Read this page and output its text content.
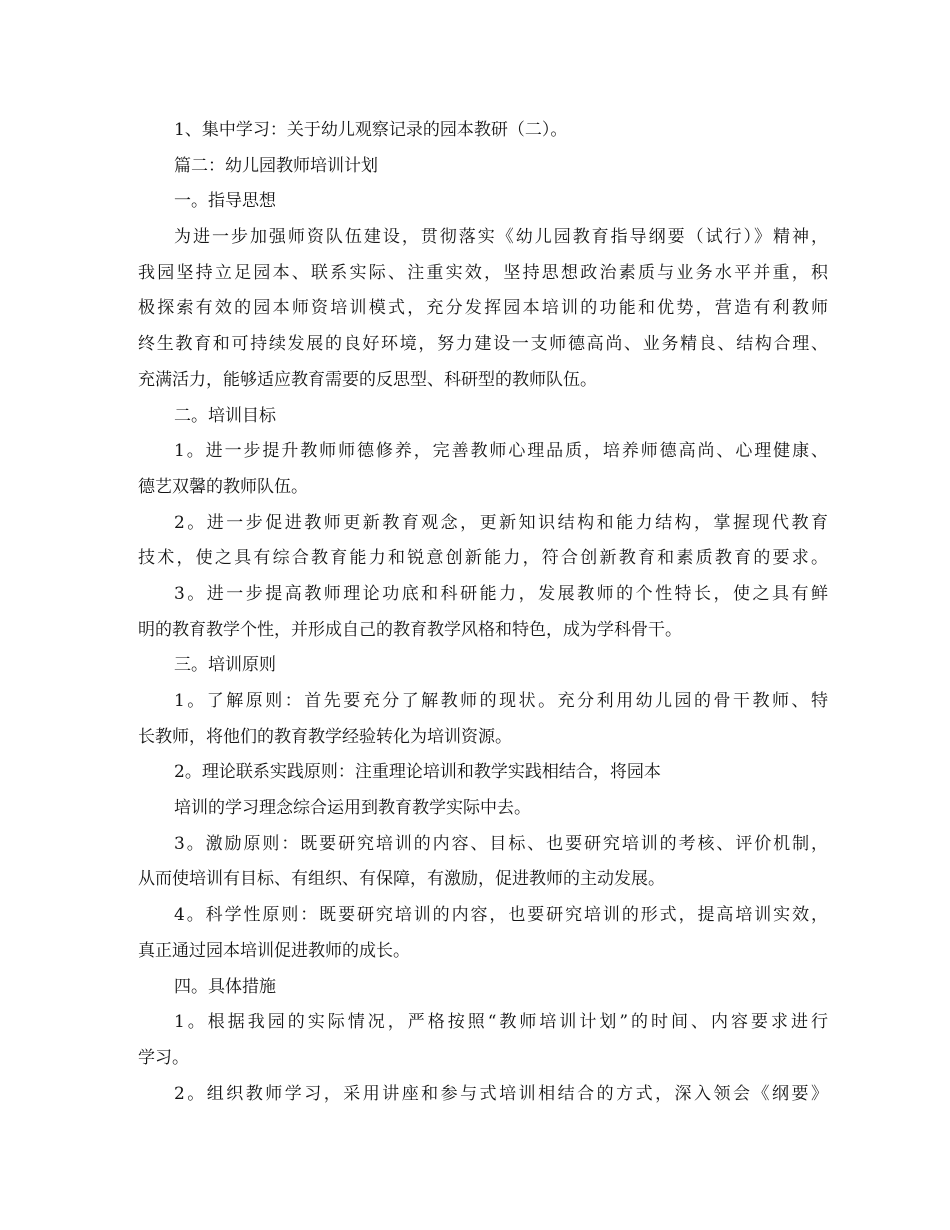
1、集中学习：关于幼儿观察记录的园本教研（二）。
篇二：幼儿园教师培训计划
一。指导思想
为进一步加强师资队伍建设，贯彻落实《幼儿园教育指导纲要（试行）》精神，
我园坚持立足园本、联系实际、注重实效，坚持思想政治素质与业务水平并重，积
极探索有效的园本师资培训模式，充分发挥园本培训的功能和优势，营造有利教师
终生教育和可持续发展的良好环境，努力建设一支师德高尚、业务精良、结构合理、
充满活力，能够适应教育需要的反思型、科研型的教师队伍。
二。培训目标
1。进一步提升教师师德修养，完善教师心理品质，培养师德高尚、心理健康、
德艺双馨的教师队伍。
2。进一步促进教师更新教育观念，更新知识结构和能力结构，掌握现代教育
技术，使之具有综合教育能力和锐意创新能力，符合创新教育和素质教育的要求。
3。进一步提高教师理论功底和科研能力，发展教师的个性特长，使之具有鲜
明的教育教学个性，并形成自己的教育教学风格和特色，成为学科骨干。
三。培训原则
1。了解原则：首先要充分了解教师的现状。充分利用幼儿园的骨干教师、特
长教师，将他们的教育教学经验转化为培训资源。
2。理论联系实践原则：注重理论培训和教学实践相结合，将园本
培训的学习理念综合运用到教育教学实际中去。
3。激励原则：既要研究培训的内容、目标、也要研究培训的考核、评价机制，
从而使培训有目标、有组织、有保障，有激励，促进教师的主动发展。
4。科学性原则：既要研究培训的内容，也要研究培训的形式，提高培训实效，
真正通过园本培训促进教师的成长。
四。具体措施
1。根据我园的实际情况，严格按照“教师培训计划”的时间、内容要求进行
学习。
2。组织教师学习，采用讲座和参与式培训相结合的方式，深入领会《纲要》
